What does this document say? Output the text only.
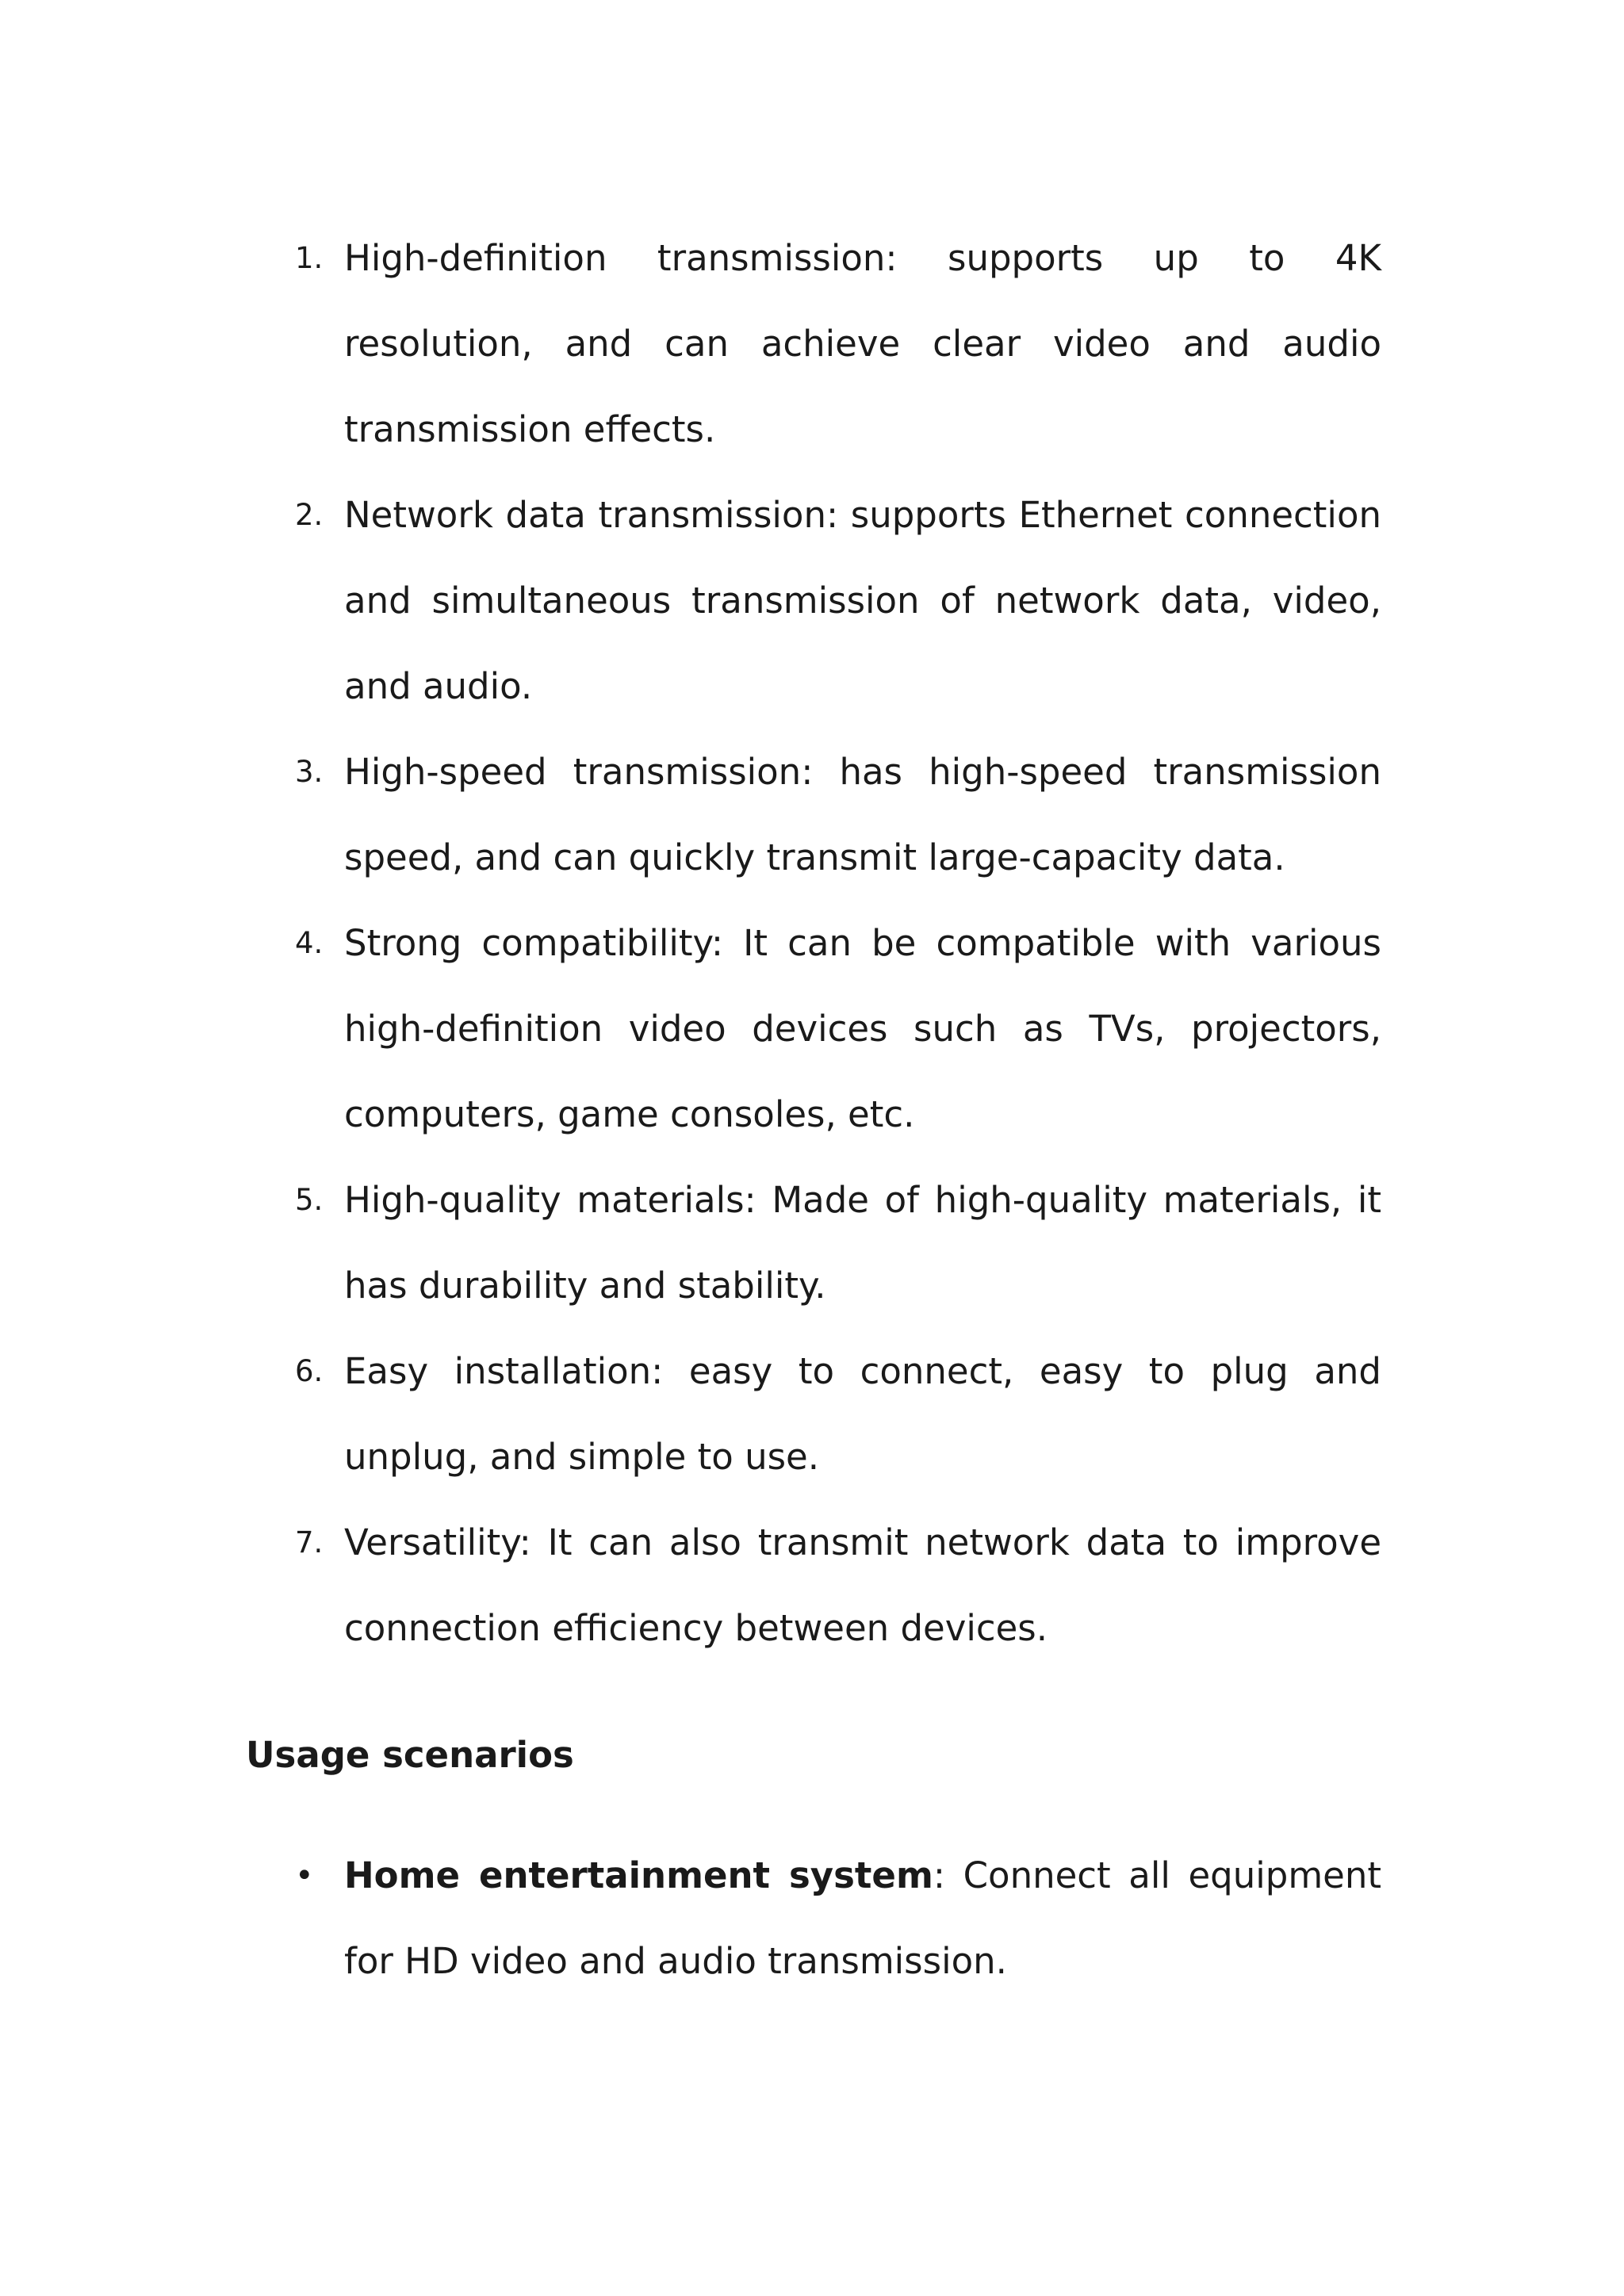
1. High-definition transmission: supports up to 4K resolution, and can achieve clear video and audio transmission effects.
2. Network data transmission: supports Ethernet connection and simultaneous transmission of network data, video, and audio.
3. High-speed transmission: has high-speed transmission speed, and can quickly transmit large-capacity data.
4. Strong compatibility: It can be compatible with various high-definition video devices such as TVs, projectors, computers, game consoles, etc.
5. High-quality materials: Made of high-quality materials, it has durability and stability.
6. Easy installation: easy to connect, easy to plug and unplug, and simple to use.
7. Versatility: It can also transmit network data to improve connection efficiency between devices.
Usage scenarios
• Home entertainment system: Connect all equipment for HD video and audio transmission.
